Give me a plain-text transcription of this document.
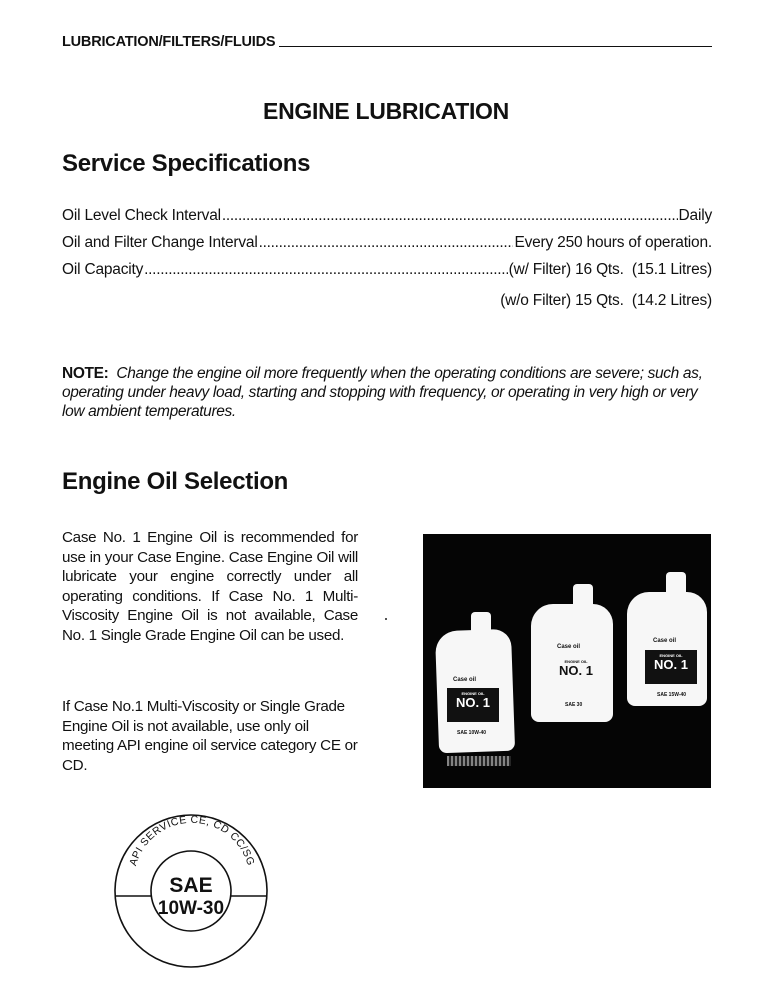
LUBRICATION/FILTERS/FLUIDS
ENGINE LUBRICATION
Service Specifications
Oil Level Check Interval . . .	Daily
Oil and Filter Change Interval . . .	Every 250 hours of operation.
Oil Capacity . . .	(w/ Filter) 16 Qts.  (15.1 Litres)
(w/o Filter) 15 Qts.  (14.2 Litres)
NOTE: Change the engine oil more frequently when the operating conditions are severe; such as, operating under heavy load, starting and stopping with frequency, or operating in very high or very low ambient temperatures.
Engine Oil Selection
Case No. 1 Engine Oil is recommended for use in your Case Engine. Case Engine Oil will lubricate your engine correctly under all operating conditions. If Case No. 1 Multi-Viscosity Engine Oil is not available, Case No. 1 Single Grade Engine Oil can be used.
If Case No.1 Multi-Viscosity or Single Grade Engine Oil is not available, use only oil meeting API engine oil service category CE or CD.
Case oil
ENGINE OIL
NO. 1
SAE 10W-40
Case oil
ENGINE OIL
NO. 1
SAE 30
Case oil
ENGINE OIL
NO. 1
SAE 15W-40
API SERVICE CE, CD CC/SG
SAE
10W-30
